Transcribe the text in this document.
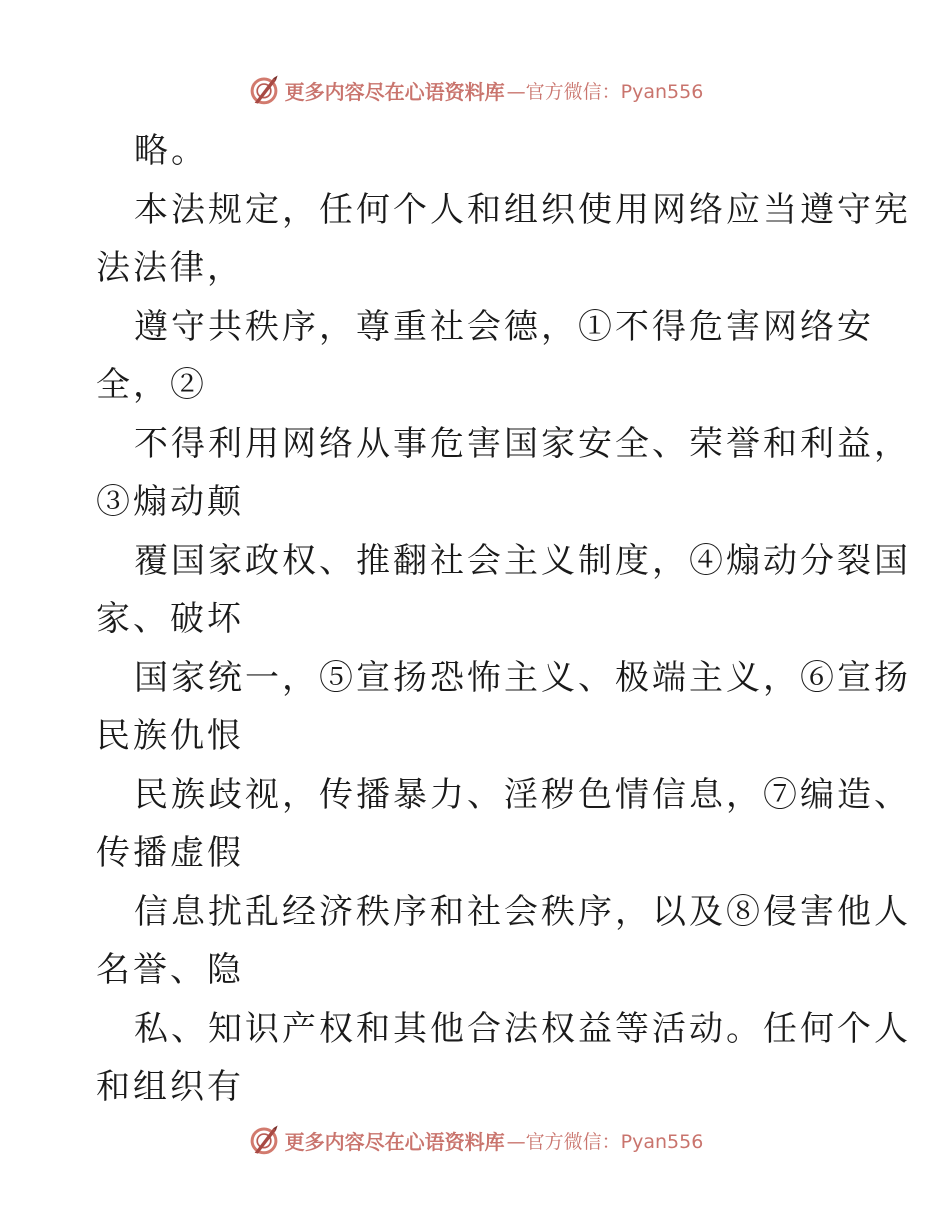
更多内容尽在心语资料库 —官方微信：Pyan556
略。
本法规定，任何个人和组织使用网络应当遵守宪
法法律，
遵守共秩序，尊重社会德，①不得危害网络安
全，②
不得利用网络从事危害国家安全、荣誉和利益，
③煽动颠
覆国家政权、推翻社会主义制度，④煽动分裂国
家、破坏
国家统一，⑤宣扬恐怖主义、极端主义，⑥宣扬
民族仇恨
民族歧视，传播暴力、淫秽色情信息，⑦编造、
传播虚假
信息扰乱经济秩序和社会秩序，以及⑧侵害他人
名誉、隐
私、知识产权和其他合法权益等活动。任何个人
和组织有
更多内容尽在心语资料库 —官方微信：Pyan556
